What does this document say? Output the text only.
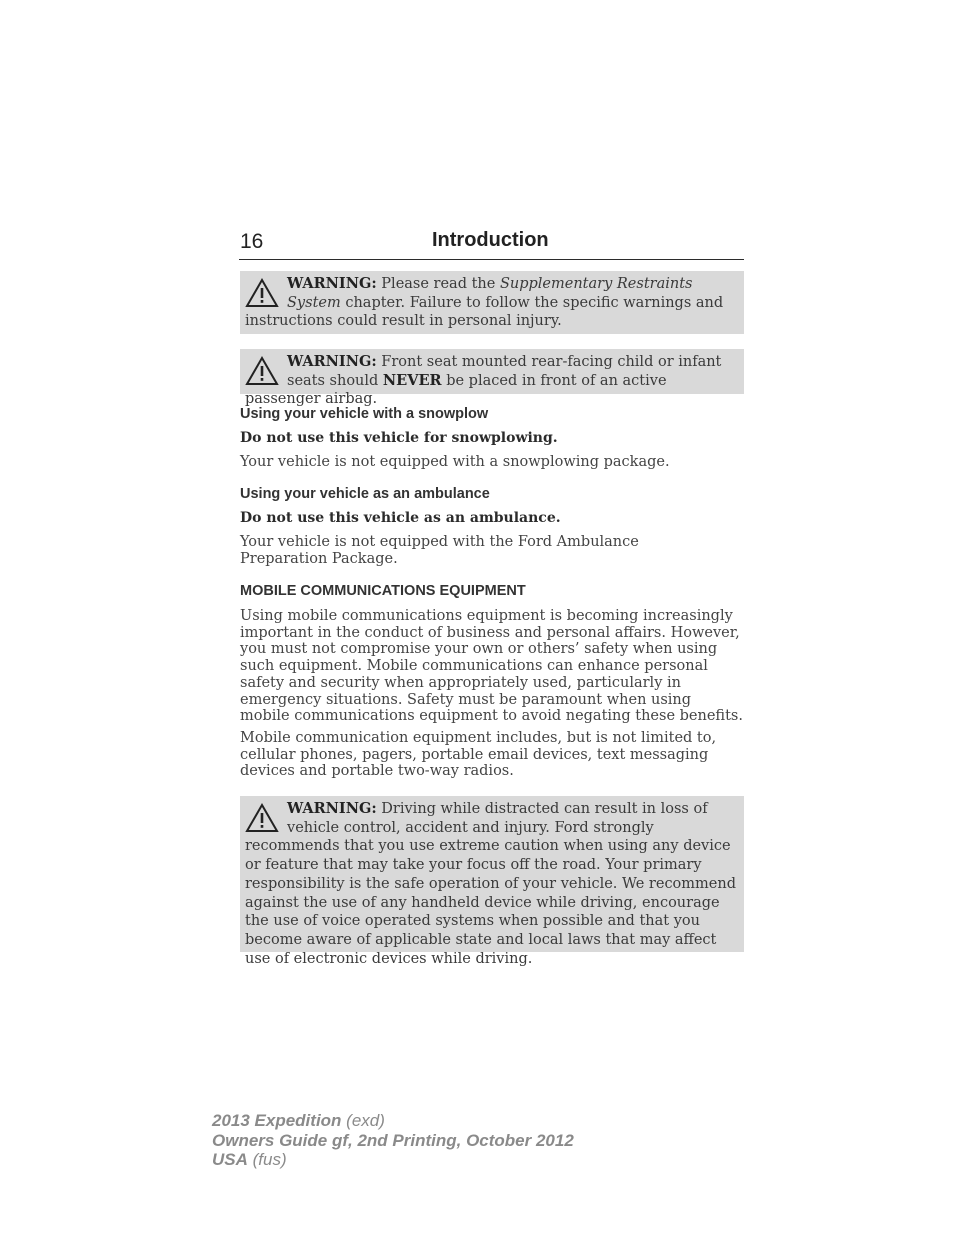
16	Introduction
WARNING: Please read the Supplementary Restraints System chapter. Failure to follow the specific warnings and instructions could result in personal injury.
WARNING: Front seat mounted rear-facing child or infant seats should NEVER be placed in front of an active passenger airbag.
Using your vehicle with a snowplow
Do not use this vehicle for snowplowing.
Your vehicle is not equipped with a snowplowing package.
Using your vehicle as an ambulance
Do not use this vehicle as an ambulance.
Your vehicle is not equipped with the Ford Ambulance Preparation Package.
MOBILE COMMUNICATIONS EQUIPMENT
Using mobile communications equipment is becoming increasingly important in the conduct of business and personal affairs. However, you must not compromise your own or others’ safety when using such equipment. Mobile communications can enhance personal safety and security when appropriately used, particularly in emergency situations. Safety must be paramount when using mobile communications equipment to avoid negating these benefits.
Mobile communication equipment includes, but is not limited to, cellular phones, pagers, portable email devices, text messaging devices and portable two-way radios.
WARNING: Driving while distracted can result in loss of vehicle control, accident and injury. Ford strongly recommends that you use extreme caution when using any device or feature that may take your focus off the road. Your primary responsibility is the safe operation of your vehicle. We recommend against the use of any handheld device while driving, encourage the use of voice operated systems when possible and that you become aware of applicable state and local laws that may affect use of electronic devices while driving.
2013 Expedition (exd)
Owners Guide gf, 2nd Printing, October 2012
USA (fus)
